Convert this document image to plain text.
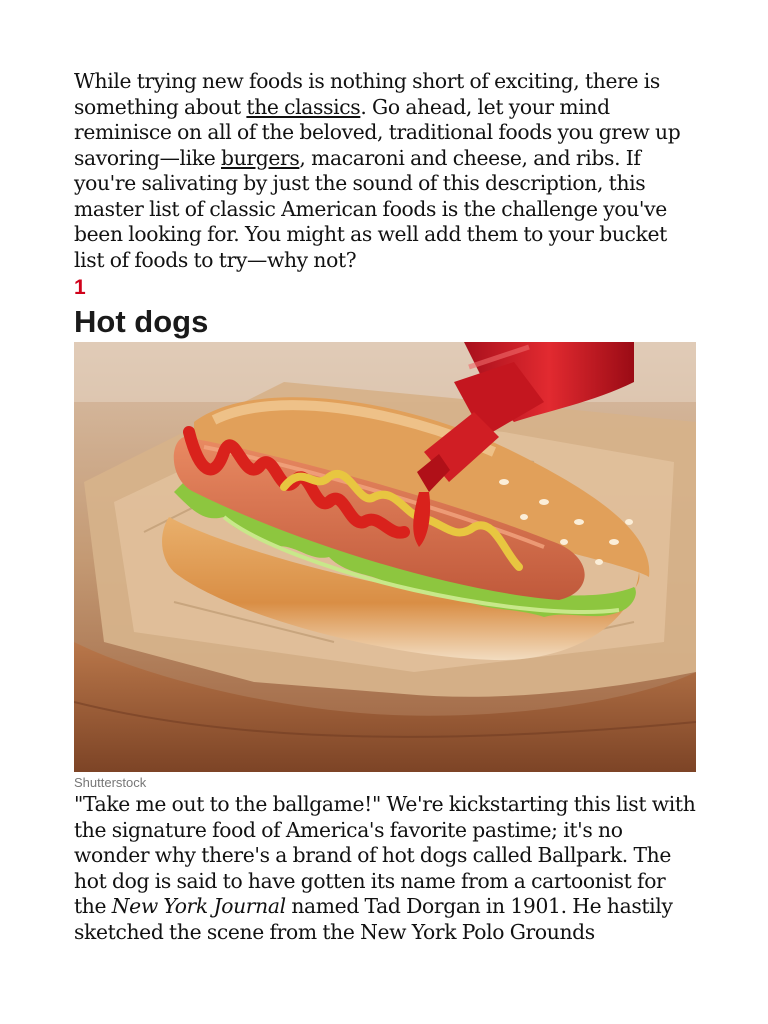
While trying new foods is nothing short of exciting, there is something about the classics. Go ahead, let your mind reminisce on all of the beloved, traditional foods you grew up savoring—like burgers, macaroni and cheese, and ribs. If you're salivating by just the sound of this description, this master list of classic American foods is the challenge you've been looking for. You might as well add them to your bucket list of foods to try—why not?

1
Hot dogs
Shutterstock

"Take me out to the ballgame!" We're kickstarting this list with the signature food of America's favorite pastime; it's no wonder why there's a brand of hot dogs called Ballpark. The hot dog is said to have gotten its name from a cartoonist for the New York Journal named Tad Dorgan in 1901. He hastily sketched the scene from the New York Polo Grounds
